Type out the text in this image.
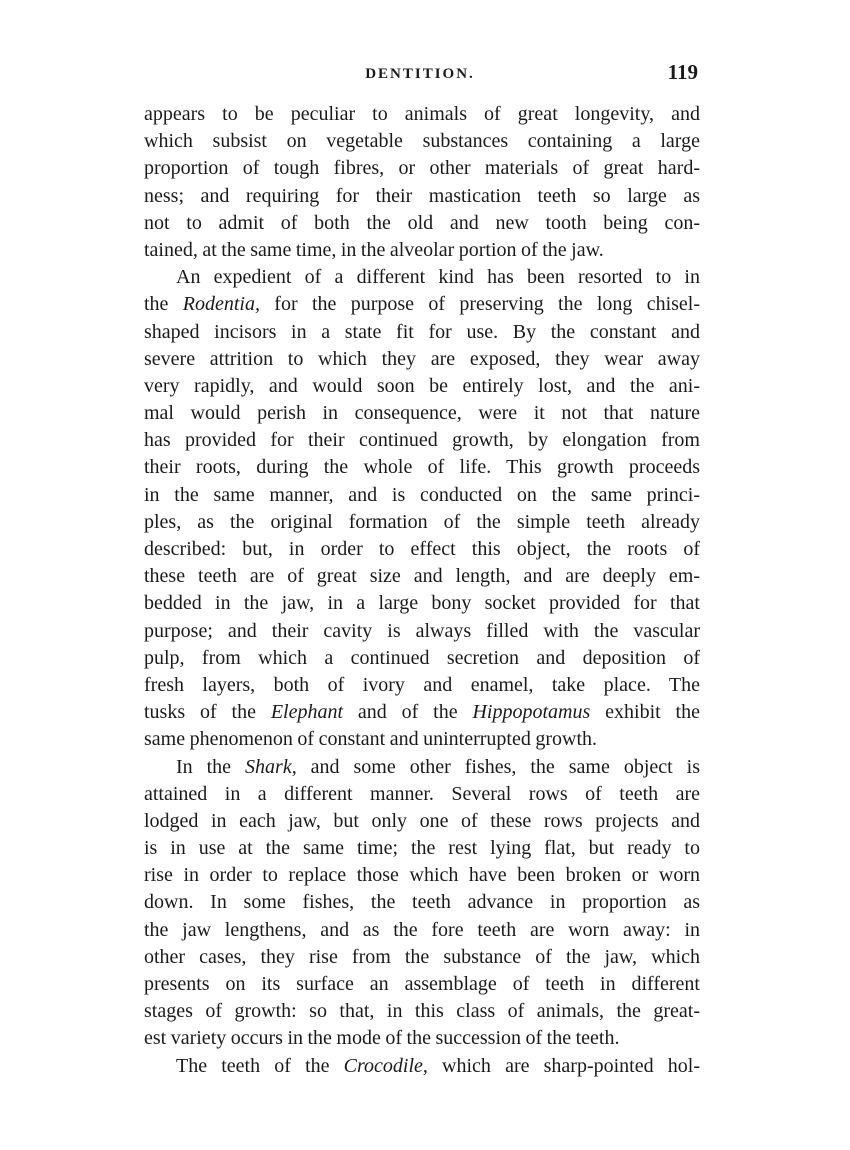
DENTITION.	119
appears to be peculiar to animals of great longevity, and
which subsist on vegetable substances containing a large
proportion of tough fibres, or other materials of great hard-
ness; and requiring for their mastication teeth so large as
not to admit of both the old and new tooth being con-
tained, at the same time, in the alveolar portion of the jaw.
An expedient of a different kind has been resorted to in
the Rodentia, for the purpose of preserving the long chisel-
shaped incisors in a state fit for use. By the constant and
severe attrition to which they are exposed, they wear away
very rapidly, and would soon be entirely lost, and the ani-
mal would perish in consequence, were it not that nature
has provided for their continued growth, by elongation from
their roots, during the whole of life. This growth proceeds
in the same manner, and is conducted on the same princi-
ples, as the original formation of the simple teeth already
described: but, in order to effect this object, the roots of
these teeth are of great size and length, and are deeply em-
bedded in the jaw, in a large bony socket provided for that
purpose; and their cavity is always filled with the vascular
pulp, from which a continued secretion and deposition of
fresh layers, both of ivory and enamel, take place. The
tusks of the Elephant and of the Hippopotamus exhibit the
same phenomenon of constant and uninterrupted growth.
In the Shark, and some other fishes, the same object is
attained in a different manner. Several rows of teeth are
lodged in each jaw, but only one of these rows projects and
is in use at the same time; the rest lying flat, but ready to
rise in order to replace those which have been broken or worn
down. In some fishes, the teeth advance in proportion as
the jaw lengthens, and as the fore teeth are worn away: in
other cases, they rise from the substance of the jaw, which
presents on its surface an assemblage of teeth in different
stages of growth: so that, in this class of animals, the great-
est variety occurs in the mode of the succession of the teeth.
The teeth of the Crocodile, which are sharp-pointed hol-
